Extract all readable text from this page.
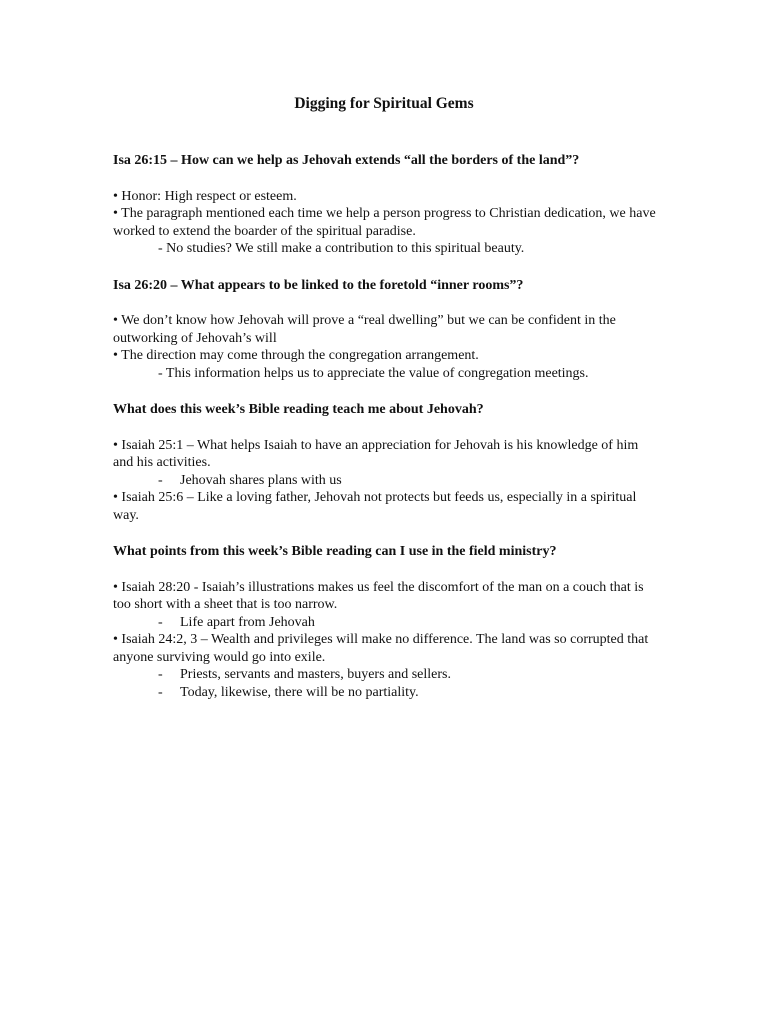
Digging for Spiritual Gems

Isa 26:15 – How can we help as Jehovah extends “all the borders of the land”?

• Honor: High respect or esteem.

• The paragraph mentioned each time we help a person progress to Christian dedication, we have worked to extend the boarder of the spiritual paradise.

- No studies? We still make a contribution to this spiritual beauty.

Isa 26:20 – What appears to be linked to the foretold “inner rooms”?

• We don’t know how Jehovah will prove a “real dwelling” but we can be confident in the outworking of Jehovah’s will

• The direction may come through the congregation arrangement.

- This information helps us to appreciate the value of congregation meetings.

What does this week’s Bible reading teach me about Jehovah?

• Isaiah 25:1 – What helps Isaiah to have an appreciation for Jehovah is his knowledge of him and his activities.

-	Jehovah shares plans with us

• Isaiah 25:6 – Like a loving father, Jehovah not protects but feeds us, especially in a spiritual way.

What points from this week’s Bible reading can I use in the field ministry?

• Isaiah 28:20 - Isaiah’s illustrations makes us feel the discomfort of the man on a couch that is too short with a sheet that is too narrow.

-	Life apart from Jehovah

• Isaiah 24:2, 3 – Wealth and privileges will make no difference. The land was so corrupted that anyone surviving would go into exile.

-	Priests, servants and masters, buyers and sellers.
-	Today, likewise, there will be no partiality.
